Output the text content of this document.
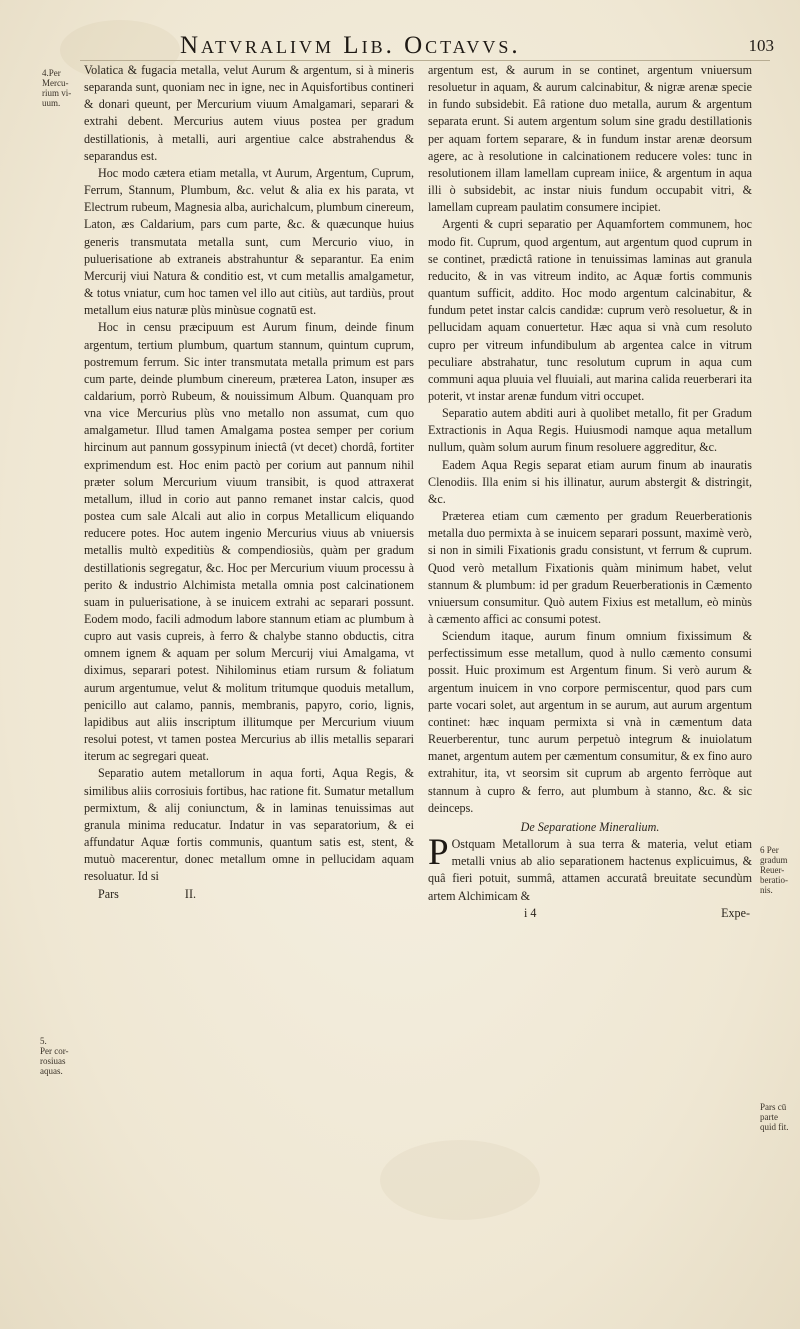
Natvralivm Lib. Octavvs.	103
4.Per
Mercu-
rium vi-
uum.
5.
Per cor-
rosiuas
aquas.
6 Per
gradum
Reuer-
beratio-
nis.
Pars cū
parte
quid fit.

Volatica & fugacia metalla, velut Aurum & argentum, si à mineris separanda sunt, quoniam nec in igne, nec in Aquisfortibus contineri & donari queunt, per Mercurium viuum Amalgamari, separari & extrahi debent. Mercurius autem viuus postea per gradum destillationis, à metalli, auri argentiue calce abstrahendus & separandus est.

Hoc modo cætera etiam metalla, vt Aurum, Argentum, Cuprum, Ferrum, Stannum, Plumbum, &c. velut & alia ex his parata, vt Electrum rubeum, Magnesia alba, aurichalcum, plumbum cinereum, Laton, æs Caldarium, pars cum parte, &c. & quæcunque huius generis transmutata metalla sunt, cum Mercurio viuo, in puluerisatione ab extraneis abstrahuntur & separantur. Ea enim Mercurij viui Natura & conditio est, vt cum metallis amalgametur, & totus vniatur, cum hoc tamen vel illo aut citiùs, aut tardiùs, prout metallum eius naturæ plùs minùsue cognatū est.

Hoc in censu præcipuum est Aurum finum, deinde finum argentum, tertium plumbum, quartum stannum, quintum cuprum, postremum ferrum. Sic inter transmutata metalla primum est pars cum parte, deinde plumbum cinereum, præterea Laton, insuper æs caldarium, porrò Rubeum, & nouissimum Album. Quanquam pro vna vice Mercurius plùs vno metallo non assumat, cum quo amalgametur. Illud tamen Amalgama postea semper per corium hircinum aut pannum gossypinum iniectâ (vt decet) chordâ, fortiter exprimendum est. Hoc enim pactò per corium aut pannum nihil præter solum Mercurium viuum transibit, is quod attraxerat metallum, illud in corio aut panno remanet instar calcis, quod postea cum sale Alcali aut alio in corpus Metallicum eliquando reducere potes. Hoc autem ingenio Mercurius viuus ab vniuersis metallis multò expeditiùs & compendiosiùs, quàm per gradum destillationis segregatur, &c. Hoc per Mercurium viuum processu à perito & industrio Alchimista metalla omnia post calcinationem suam in puluerisatione, à se inuicem extrahi ac separari possunt. Eodem modo, facili admodum labore stannum etiam ac plumbum à cupro aut vasis cupreis, à ferro & chalybe stanno obductis, citra omnem ignem & aquam per solum Mercurij viui Amalgama, vt diximus, separari potest. Nihilominus etiam rursum & foliatum aurum argentumue, velut & molitum tritumque quoduis metallum, penicillo aut calamo, pannis, membranis, papyro, corio, lignis, lapidibus aut aliis inscriptum illitumque per Mercurium viuum resolui potest, vt tamen postea Mercurius ab illis metallis separari iterum ac segregari queat.

Separatio autem metallorum in aqua forti, Aqua Regis, & similibus aliis corrosiuis fortibus, hac ratione fit. Sumatur metallum permixtum, & alij coniunctum, & in laminas tenuissimas aut granula minima reducatur. Indatur in vas separatorium, & ei affundatur Aquæ fortis communis, quantum satis est, stent, & mutuò macerentur, donec metallum omne in pellucidam aquam resoluatur. Id si

Pars	II.

argentum est, & aurum in se continet, argentum vniuersum resoluetur in aquam, & aurum calcinabitur, & nigræ arenæ specie in fundo subsidebit. Eâ ratione duo metalla, aurum & argentum separata erunt. Si autem argentum solum sine gradu destillationis per aquam fortem separare, & in fundum instar arenæ deorsum agere, ac à resolutione in calcinationem reducere voles: tunc in resolutionem illam lamellam cupream iniice, & argentum in aqua illi ò subsidebit, ac instar niuis fundum occupabit vitri, & lamellam cupream paulatim consumere incipiet.

Argenti & cupri separatio per Aquamfortem communem, hoc modo fit. Cuprum, quod argentum, aut argentum quod cuprum in se continet, prædictâ ratione in tenuissimas laminas aut granula reducito, & in vas vitreum indito, ac Aquæ fortis communis quantum sufficit, addito. Hoc modo argentum calcinabitur, & fundum petet instar calcis candidæ: cuprum verò resoluetur, & in pellucidam aquam conuertetur. Hæc aqua si vnà cum resoluto cupro per vitreum infundibulum ab argentea calce in vitrum peculiare abstrahatur, tunc resolutum cuprum in aqua cum communi aqua pluuia vel fluuiali, aut marina calida reuerberari ita poterit, vt instar arenæ fundum vitri occupet.

Separatio autem abditi auri à quolibet metallo, fit per Gradum Extractionis in Aqua Regis. Huiusmodi namque aqua metallum nullum, quàm solum aurum finum resoluere aggreditur, &c.

Eadem Aqua Regis separat etiam aurum finum ab inauratis Clenodiis. Illa enim si his illinatur, aurum abstergit & distringit, &c.

Præterea etiam cum cæmento per gradum Reuerberationis metalla duo permixta à se inuicem separari possunt, maximè verò, si non in simili Fixationis gradu consistunt, vt ferrum & cuprum. Quod verò metallum Fixationis quàm minimum habet, velut stannum & plumbum: id per gradum Reuerberationis in Cæmento vniuersum consumitur. Quò autem Fixius est metallum, eò minùs à cæmento affici ac consumi potest.

Sciendum itaque, aurum finum omnium fixissimum & perfectissimum esse metallum, quod à nullo cæmento consumi possit. Huic proximum est Argentum finum. Si verò aurum & argentum inuicem in vno corpore permiscentur, quod pars cum parte vocari solet, aut argentum in se aurum, aut aurum argentum continet: hæc inquam permixta si vnà in cæmentum data Reuerberentur, tunc aurum perpetuò integrum & inuiolatum manet, argentum autem per cæmentum consumitur, & ex fino auro extrahitur, ita, vt seorsim sit cuprum ab argento ferròque aut stannum à cupro & ferro, aut plumbum à stanno, &c. & sic deinceps.

De Separatione Mineralium.

P Ostquam Metallorum à sua terra & materia, velut etiam metalli vnius ab alio separationem hactenus explicuimus, & quâ fieri potuit, summâ, attamen accuratâ breuitate secundùm artem Alchimicam &

i 4	Expe-
